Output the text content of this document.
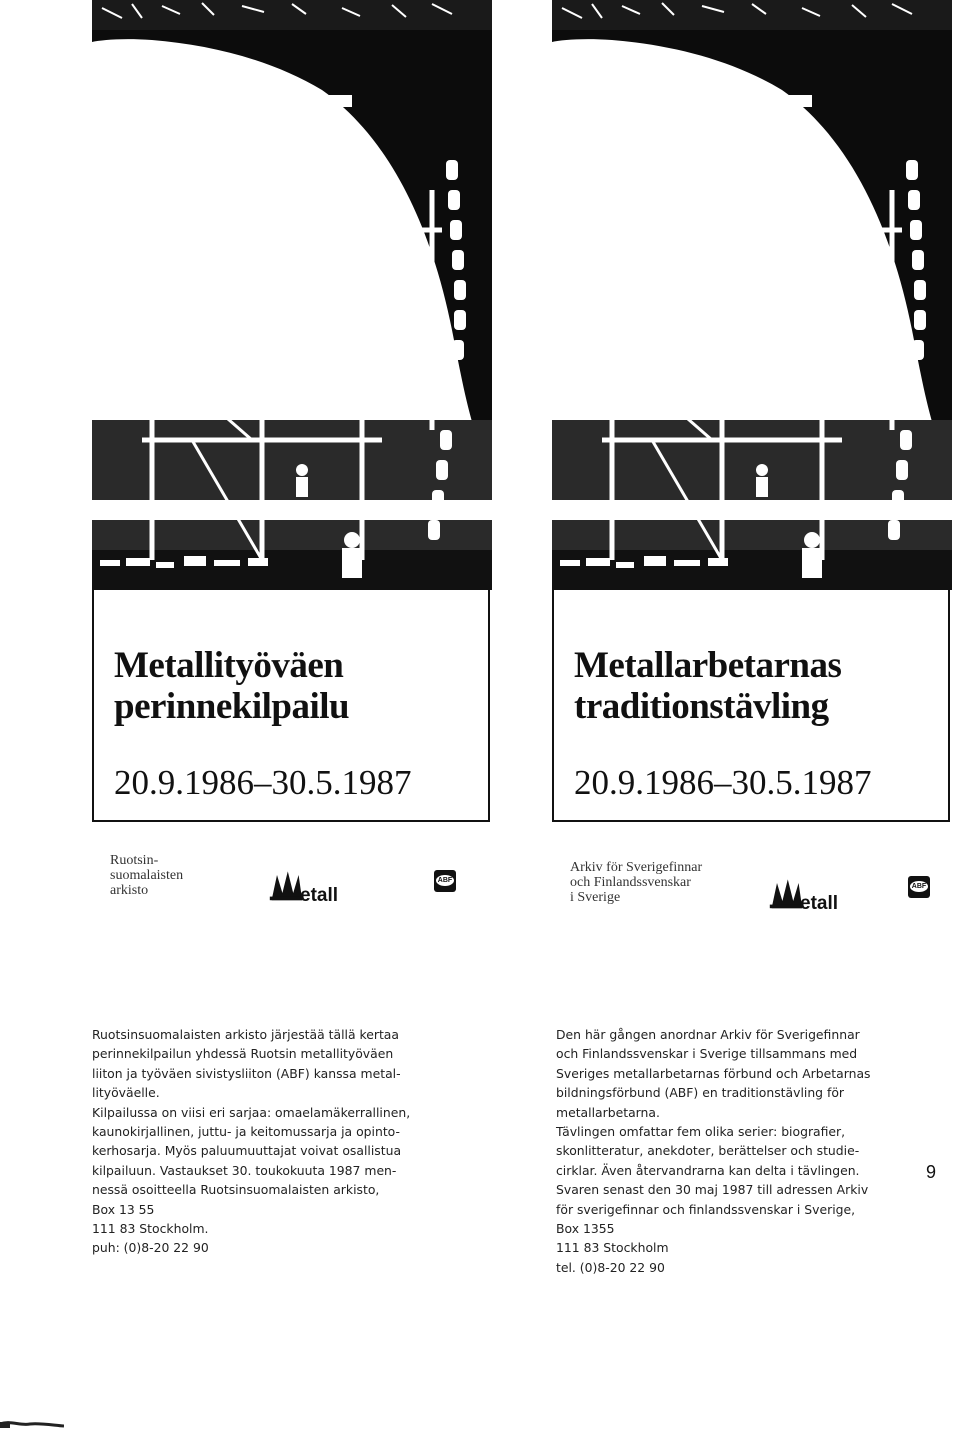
Metallityöväen
perinnekilpailu
20.9.1986–30.5.1987
Ruotsin-
suomalaisten
arkisto	etall
ABF
Metallarbetarnas
traditionstävling
20.9.1986–30.5.1987
Arkiv för Sverigefinnar
och Finlandssvenskar
i Sverige	etall
ABF
Ruotsinsuomalaisten arkisto järjestää tällä kertaa
perinnekilpailun yhdessä Ruotsin metallityöväen
liiton ja työväen sivistysliiton (ABF) kanssa metal-
lityöväelle.
Kilpailussa on viisi eri sarjaa: omaelamäkerrallinen,
kaunokirjallinen, juttu- ja keitomussarja ja opinto-
kerhosarja. Myös paluumuuttajat voivat osallistua
kilpailuun. Vastaukset 30. toukokuuta 1987 men-
nessä osoitteella Ruotsinsuomalaisten arkisto,
Box 13 55
111 83 Stockholm.
puh: (0)8-20 22 90
Den här gången anordnar Arkiv för Sverigefinnar
och Finlandssvenskar i Sverige tillsammans med
Sveriges metallarbetarnas förbund och Arbetarnas
bildningsförbund (ABF) en traditionstävling för
metallarbetarna.
Tävlingen omfattar fem olika serier: biografier,
skonlitteratur, anekdoter, berättelser och studie-
cirklar. Även återvandrarna kan delta i tävlingen.
Svaren senast den 30 maj 1987 till adressen Arkiv
för sverigefinnar och finlandssvenskar i Sverige,
Box 1355
111 83 Stockholm
tel. (0)8-20 22 90
9
